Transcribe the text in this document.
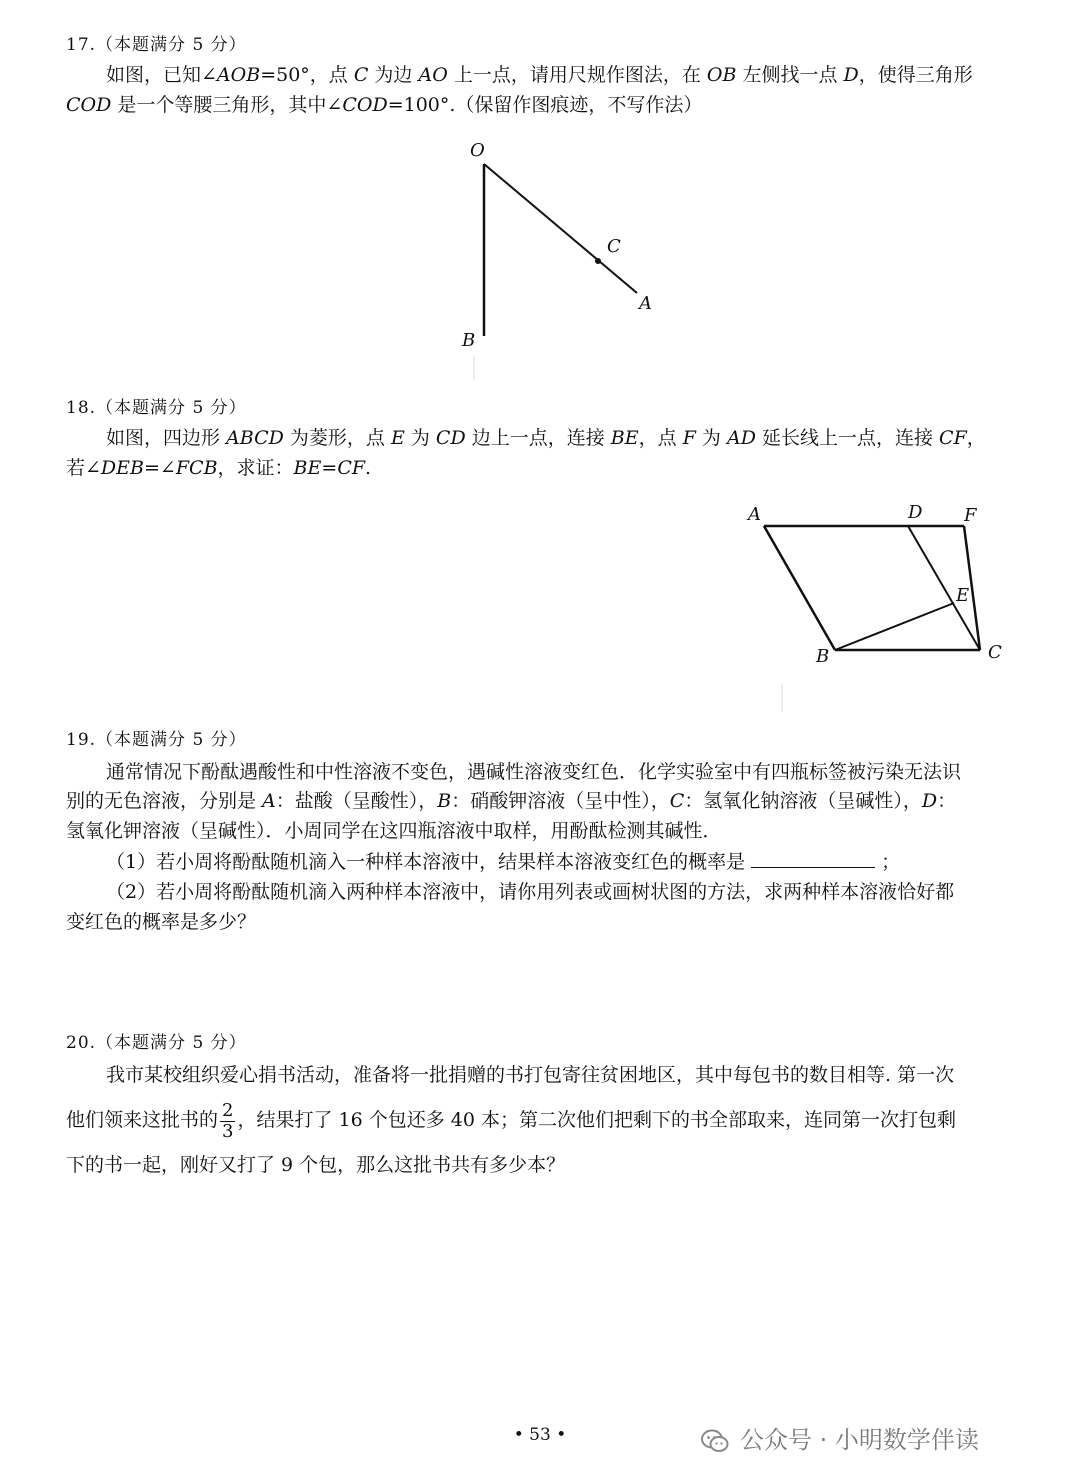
17.（本题满分 5 分）
如图，已知∠AOB=50°，点 C 为边 AO 上一点，请用尺规作图法，在 OB 左侧找一点 D，使得三角形
COD 是一个等腰三角形，其中∠COD=100°.（保留作图痕迹，不写作法）
O
C
A
B
18.（本题满分 5 分）
如图，四边形 ABCD 为菱形，点 E 为 CD 边上一点，连接 BE，点 F 为 AD 延长线上一点，连接 CF，
若∠DEB=∠FCB，求证：BE=CF.
A	D F
E
B	C
19.（本题满分 5 分）
通常情况下酚酞遇酸性和中性溶液不变色，遇碱性溶液变红色．化学实验室中有四瓶标签被污染无法识
别的无色溶液，分别是 A：盐酸（呈酸性），B：硝酸钾溶液（呈中性），C：氢氧化钠溶液（呈碱性），D：
氢氧化钾溶液（呈碱性）．小周同学在这四瓶溶液中取样，用酚酞检测其碱性．
（1）若小周将酚酞随机滴入一种样本溶液中，结果样本溶液变红色的概率是	；
（2）若小周将酚酞随机滴入两种样本溶液中，请你用列表或画树状图的方法，求两种样本溶液恰好都
变红色的概率是多少？
20.（本题满分 5 分）
我市某校组织爱心捐书活动，准备将一批捐赠的书打包寄往贫困地区，其中每包书的数目相等. 第一次
他们领来这批书的 $\frac{2}{3}$ ，结果打了 16 个包还多 40 本；第二次他们把剩下的书全部取来，连同第一次打包剩
下的书一起，刚好又打了 9 个包，那么这批书共有多少本？
• 53 •	公众号 · 小明数学伴读
